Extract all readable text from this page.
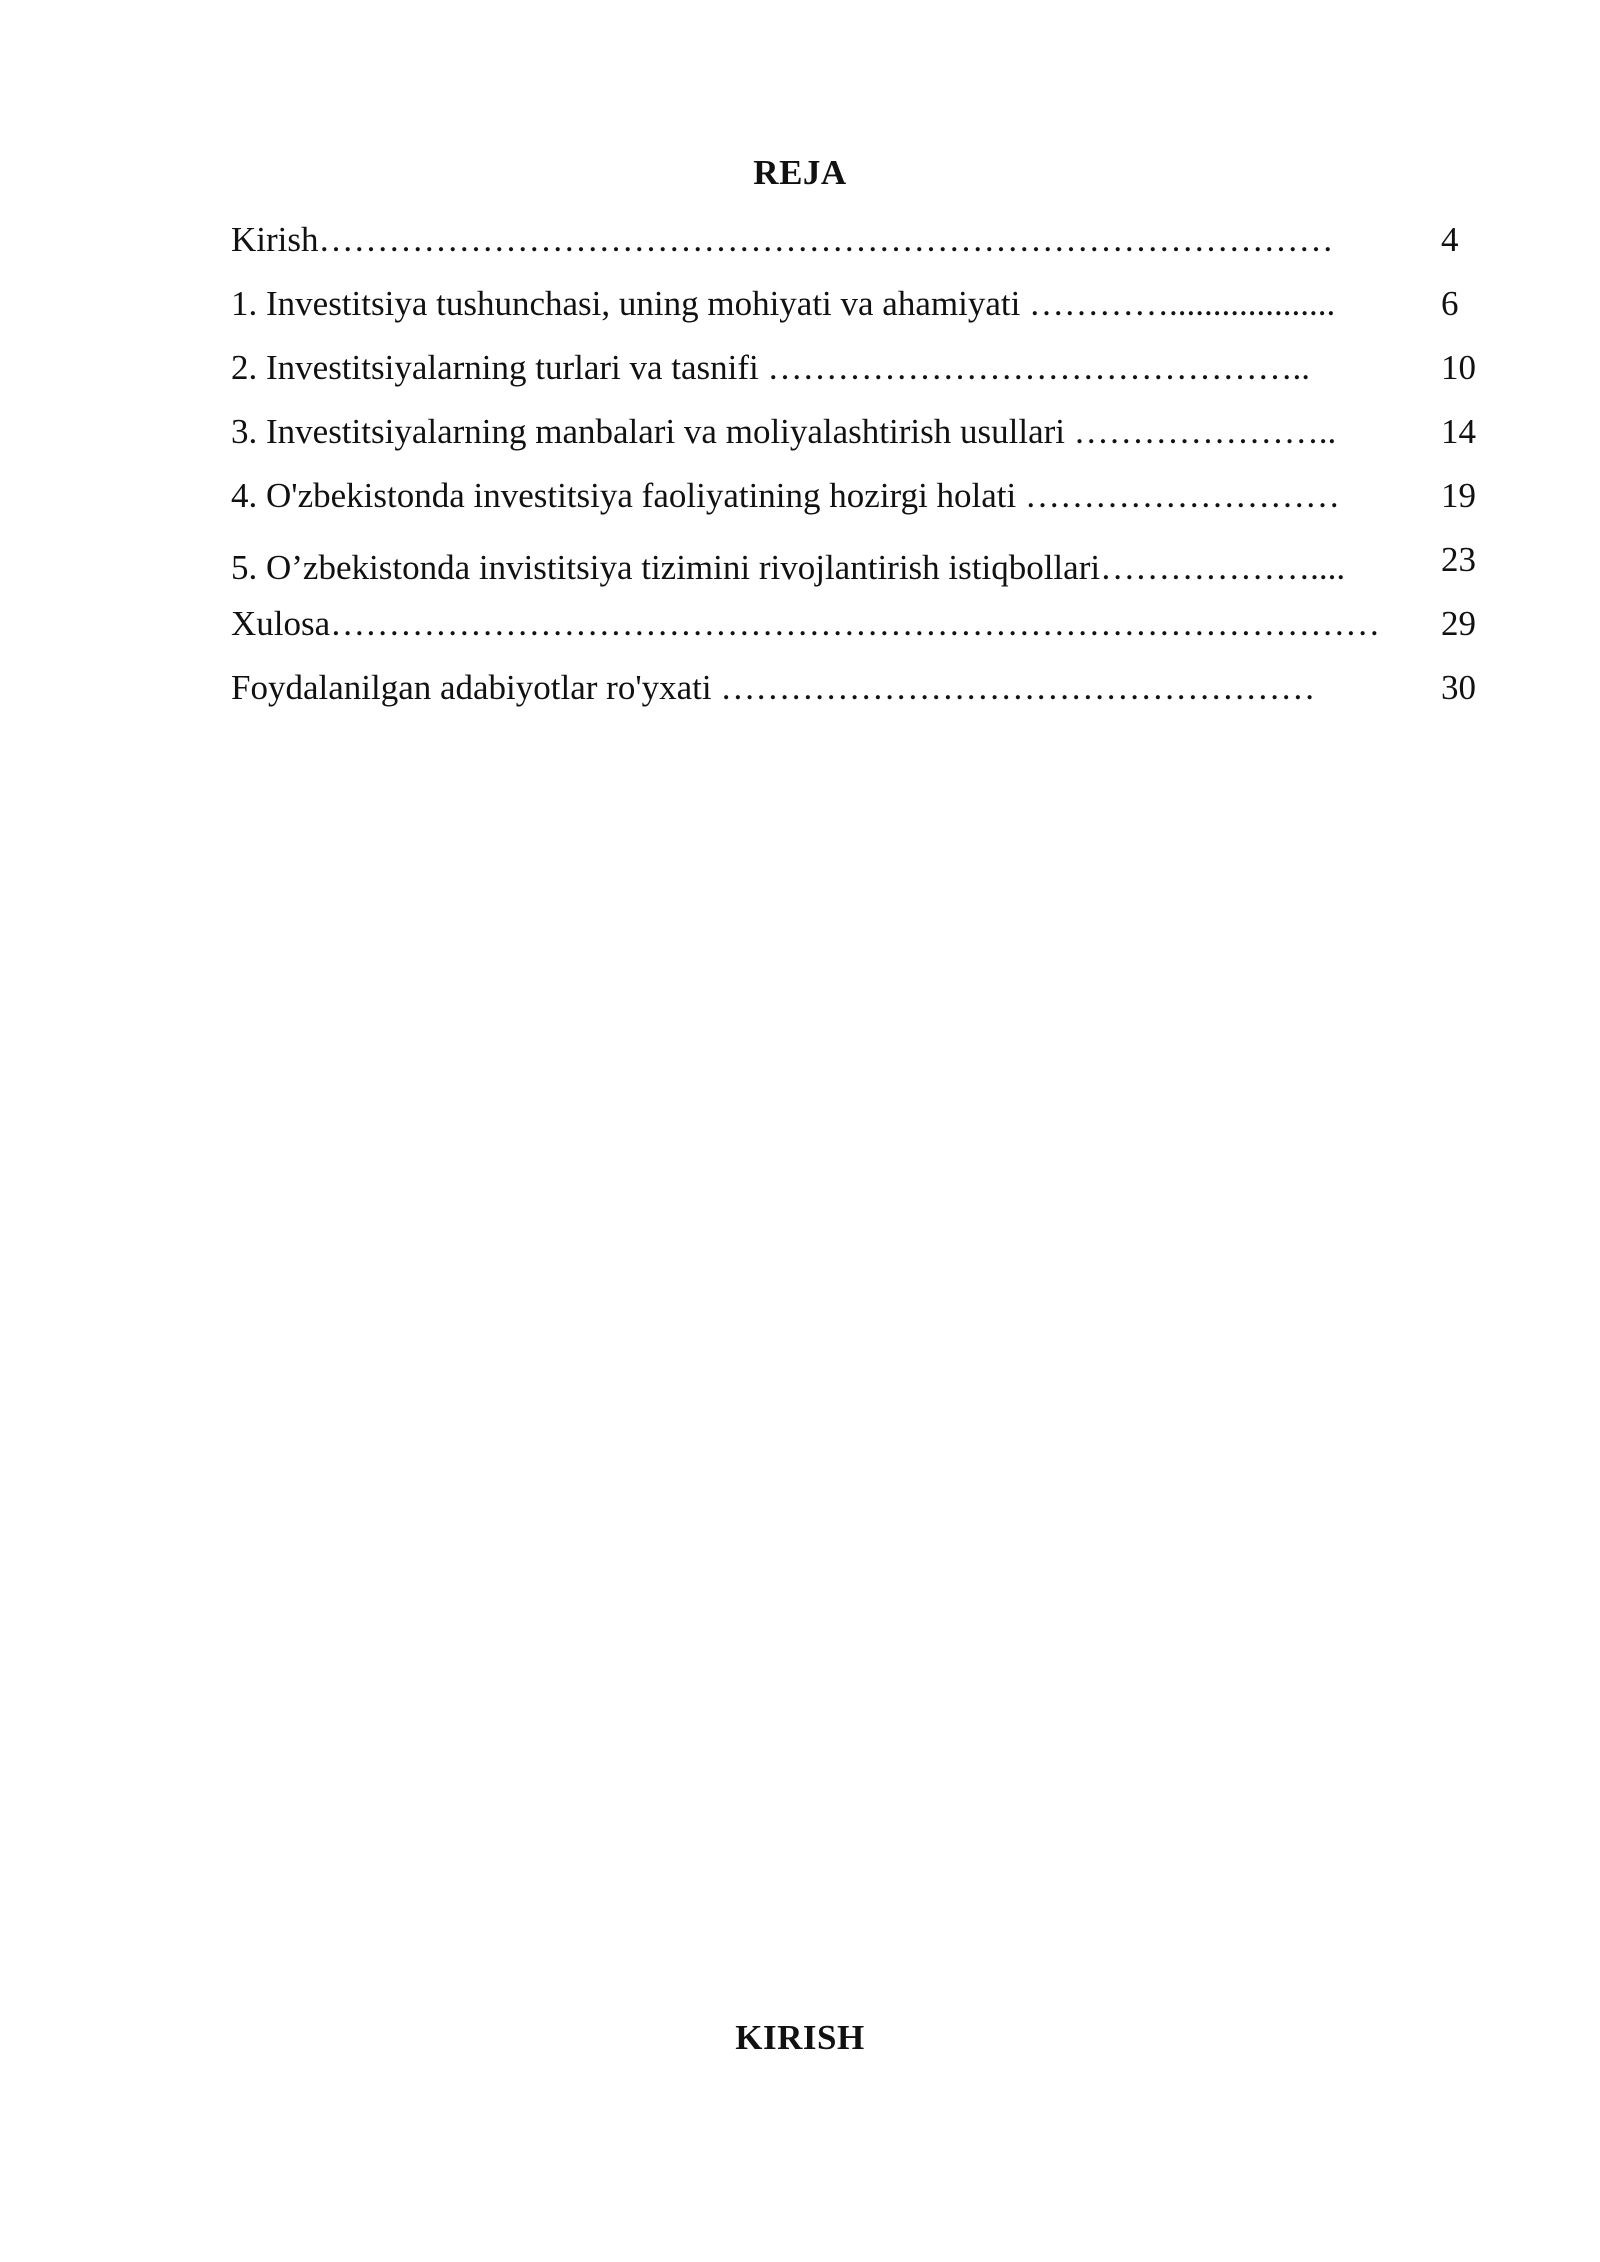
REJA
Kirish……………………………………………………………………………	4
1. Investitsiya tushunchasi, uning mohiyati va ahamiyati …………...................	6
2. Investitsiyalarning turlari va tasnifi ………………………………………..	10
3. Investitsiyalarning manbalari va moliyalashtirish usullari …………………..	14
4. O'zbekistonda investitsiya faoliyatining hozirgi holati ………………………	19
5. O’zbekistonda invistitsiya tizimini rivojlantirish istiqbollari………………....	23
Xulosa……………………………………………………………………………… 29
Foydalanilgan adabiyotlar ro'yxati ……………………………………………	30
KIRISH
